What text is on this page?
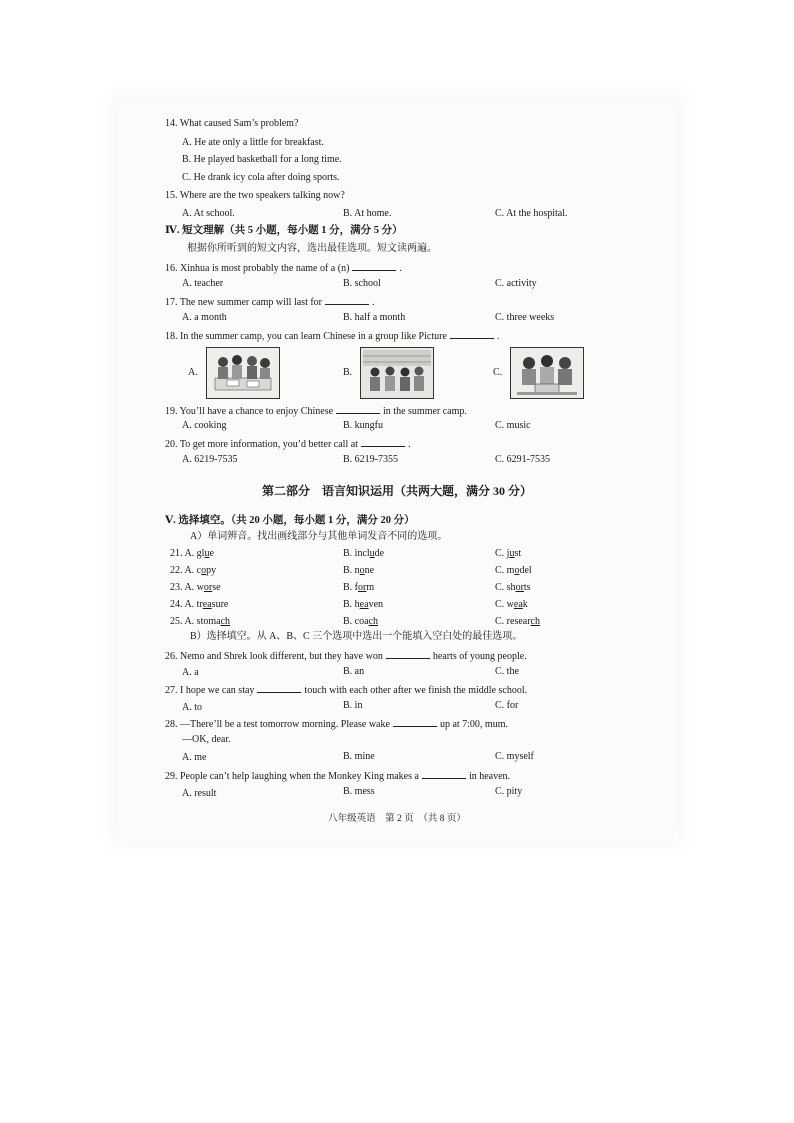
14. What caused Sam’s problem?
A. He ate only a little for breakfast.
B. He played basketball for a long time.
C. He drank icy cola after doing sports.
15. Where are the two speakers talking now?
A. At school.	B. At home.	C. At the hospital.
Ⅳ. 短文理解（共 5 小题，每小题 1 分，满分 5 分）
根据你所听到的短文内容，选出最佳选项。短文读两遍。
16. Xinhua is most probably the name of a (n)	.
A. teacher	B. school	C. activity
17. The new summer camp will last for	.
A. a month	B. half a month	C. three weeks
18. In the summer camp, you can learn Chinese in a group like Picture	.
A.	B.	C.
19. You’ll have a chance to enjoy Chinese	in the summer camp.
A. cooking	B. kungfu	C. music
20. To get more information, you’d better call at	.
A. 6219-7535	B. 6219-7355	C. 6291-7535
第二部分　语言知识运用（共两大题，满分 30 分）
Ⅴ. 选择填空。（共 20 小题，每小题 1 分，满分 20 分）
A）单词辨音。找出画线部分与其他单词发音不同的选项。
21. A. glue	B. include	C. just
22. A. copy	B. none	C. model
23. A. worse	B. form	C. shorts
24. A. treasure	B. heaven	C. weak
25. A. stomach	B. coach	C. research
B）选择填空。从 A、B、C 三个选项中选出一个能填入空白处的最佳选项。
26. Nemo and Shrek look different, but they have won	hearts of young people.
A. a	B. an	C. the
27. I hope we can stay	touch with each other after we finish the middle school.
A. to	B. in	C. for
28. —There’ll be a test tomorrow morning. Please wake	up at 7:00, mum.
—OK, dear.
A. me	B. mine	C. myself
29. People can’t help laughing when the Monkey King makes a	in heaven.
A. result	B. mess	C. pity
八年级英语　第 2 页　（共 8 页）
